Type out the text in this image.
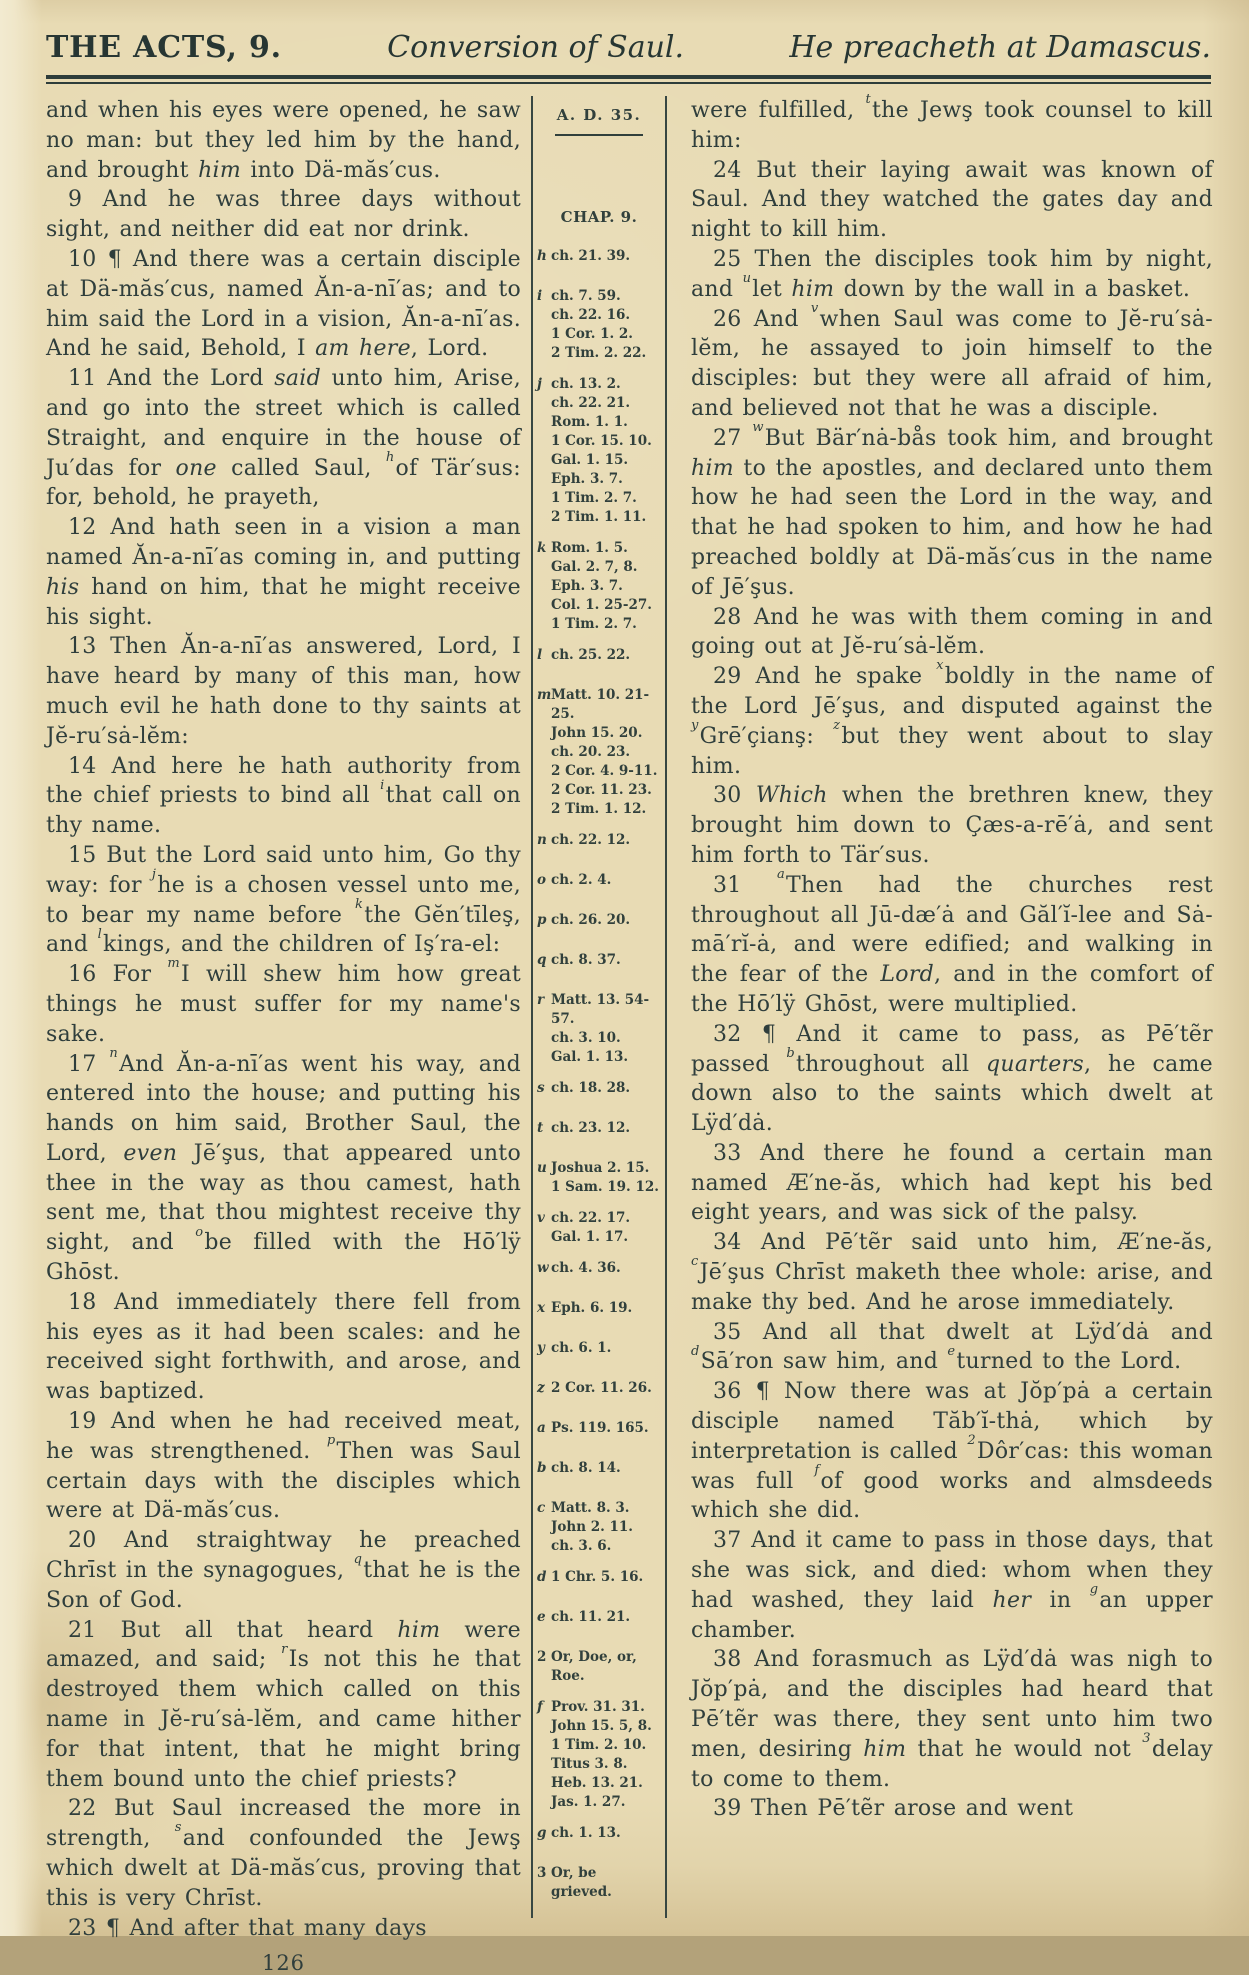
THE ACTS, 9.	Conversion of Saul.	He preacheth at Damascus.

and when his eyes were opened, he saw no man: but they led him by the hand, and brought him into Dä-măs′cus.

9 And he was three days without sight, and neither did eat nor drink.

10 ¶ And there was a certain disciple at Dä-măs′cus, named Ăn-a-nī′as; and to him said the Lord in a vision, Ăn-a-nī′as. And he said, Behold, I am here, Lord.

11 And the Lord said unto him, Arise, and go into the street which is called Straight, and enquire in the house of Ju′das for one called Saul, $^h$of Tär′sus: for, behold, he prayeth,

12 And hath seen in a vision a man named Ăn-a-nī′as coming in, and putting his hand on him, that he might receive his sight.

13 Then Ăn-a-nī′as answered, Lord, I have heard by many of this man, how much evil he hath done to thy saints at Jĕ-ru′sȧ-lĕm:

14 And here he hath authority from the chief priests to bind all $^i$that call on thy name.

15 But the Lord said unto him, Go thy way: for $^j$he is a chosen vessel unto me, to bear my name before $^k$the Gĕn′tīleş, and $^l$kings, and the children of Iş′ra-el:

16 For $^m$I will shew him how great things he must suffer for my name's sake.

17 $^n$And Ăn-a-nī′as went his way, and entered into the house; and putting his hands on him said, Brother Saul, the Lord, even Jē′şus, that appeared unto thee in the way as thou camest, hath sent me, that thou mightest receive thy sight, and $^o$be filled with the Hō′lÿ Ghōst.

18 And immediately there fell from his eyes as it had been scales: and he received sight forthwith, and arose, and was baptized.

19 And when he had received meat, he was strengthened. $^p$Then was Saul certain days with the disciples which were at Dä-măs′cus.

20 And straightway he preached Chrīst in the synagogues, $^q$that he is the Son of God.

21 But all that heard him were amazed, and said; $^r$Is not this he that destroyed them which called on this name in Jĕ-ru′sȧ-lĕm, and came hither for that intent, that he might bring them bound unto the chief priests?

22 But Saul increased the more in strength, $^s$and confounded the Jewş which dwelt at Dä-măs′cus, proving that this is very Chrīst.

23 ¶ And after that many days

126
A. D. 35.
CHAP. 9.
h ch. 21. 39.
i ch. 7. 59.
ch. 22. 16.
1 Cor. 1. 2.
2 Tim. 2. 22.
j ch. 13. 2.
ch. 22. 21.
Rom. 1. 1.
1 Cor. 15. 10.
Gal. 1. 15.
Eph. 3. 7.
1 Tim. 2. 7.
2 Tim. 1. 11.
k Rom. 1. 5.
Gal. 2. 7, 8.
Eph. 3. 7.
Col. 1. 25-27.
1 Tim. 2. 7.
l ch. 25. 22.
m Matt. 10. 21-
25.
John 15. 20.
ch. 20. 23.
2 Cor. 4. 9-11.
2 Cor. 11. 23.
2 Tim. 1. 12.
n ch. 22. 12.
o ch. 2. 4.
p ch. 26. 20.
q ch. 8. 37.
r Matt. 13. 54-
57.
ch. 3. 10.
Gal. 1. 13.
s ch. 18. 28.
t ch. 23. 12.
u Joshua 2. 15.
1 Sam. 19. 12.
v ch. 22. 17.
Gal. 1. 17.
w ch. 4. 36.
x Eph. 6. 19.
y ch. 6. 1.
z 2 Cor. 11. 26.
a Ps. 119. 165.
b ch. 8. 14.
c Matt. 8. 3.
John 2. 11.
ch. 3. 6.
d 1 Chr. 5. 16.
e ch. 11. 21.
2 Or, Doe, or,
Roe.
f Prov. 31. 31.
John 15. 5, 8.
1 Tim. 2. 10.
Titus 3. 8.
Heb. 13. 21.
Jas. 1. 27.
g ch. 1. 13.
3 Or, be
grieved.

were fulfilled, $^t$the Jewş took counsel to kill him:

24 But their laying await was known of Saul. And they watched the gates day and night to kill him.

25 Then the disciples took him by night, and $^u$let him down by the wall in a basket.

26 And $^v$when Saul was come to Jĕ-ru′sȧ-lĕm, he assayed to join himself to the disciples: but they were all afraid of him, and believed not that he was a disciple.

27 $^w$But Bär′nȧ-bås took him, and brought him to the apostles, and declared unto them how he had seen the Lord in the way, and that he had spoken to him, and how he had preached boldly at Dä-măs′cus in the name of Jē′şus.

28 And he was with them coming in and going out at Jĕ-ru′sȧ-lĕm.

29 And he spake $^x$boldly in the name of the Lord Jē′şus, and disputed against the $^y$Grē′çianş: $^z$but they went about to slay him.

30 Which when the brethren knew, they brought him down to Çæs-a-rē′ȧ, and sent him forth to Tär′sus.

31 $^a$Then had the churches rest throughout all Jū-dæ′ȧ and Găl′ĭ-lee and Sȧ-mā′rĭ-ȧ, and were edified; and walking in the fear of the Lord, and in the comfort of the Hō′lÿ Ghōst, were multiplied.

32 ¶ And it came to pass, as Pē′tẽr passed $^b$throughout all quarters, he came down also to the saints which dwelt at Lÿd′dȧ.

33 And there he found a certain man named Æ′ne-ăs, which had kept his bed eight years, and was sick of the palsy.

34 And Pē′tẽr said unto him, Æ′ne-ăs, $^c$Jē′şus Chrīst maketh thee whole: arise, and make thy bed. And he arose immediately.

35 And all that dwelt at Lÿd′dȧ and $^d$Sā′ron saw him, and $^e$turned to the Lord.

36 ¶ Now there was at Jŏp′pȧ a certain disciple named Tăb′ĭ-thȧ, which by interpretation is called $^2$Dôr′cas: this woman was full $^f$of good works and almsdeeds which she did.

37 And it came to pass in those days, that she was sick, and died: whom when they had washed, they laid her in $^g$an upper chamber.

38 And forasmuch as Lÿd′dȧ was nigh to Jŏp′pȧ, and the disciples had heard that Pē′tẽr was there, they sent unto him two men, desiring him that he would not $^3$delay to come to them.

39 Then Pē′tẽr arose and went
